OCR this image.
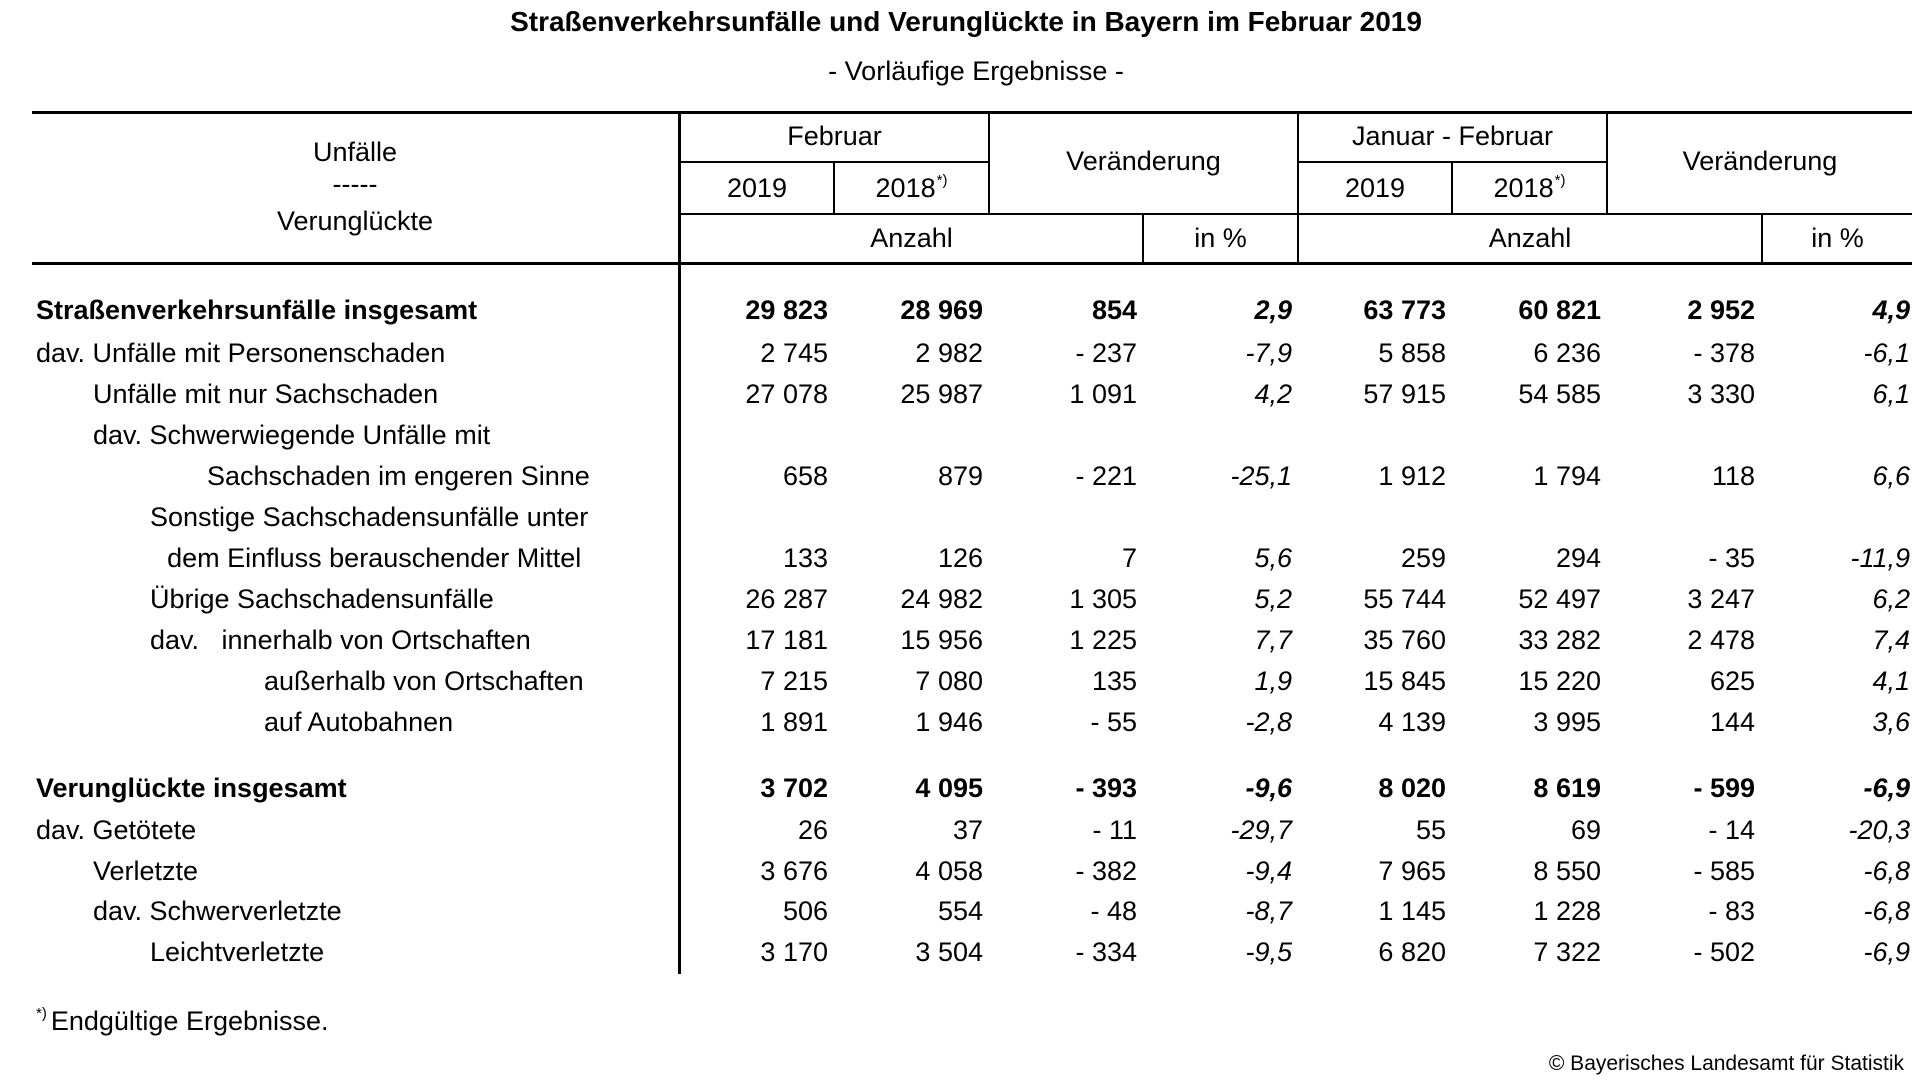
Straßenverkehrsunfälle und Verunglückte in Bayern im Februar 2019
- Vorläufige Ergebnisse -
Unfälle
-----
Verunglückte
Februar
Veränderung
2019	2018*)
Anzahl	in %
Januar - Februar
Veränderung
2019	2018*)
Anzahl	in %
Straßenverkehrsunfälle insgesamt	29 823	28 969	854	2,9	63 773	60 821	2 952	4,9
dav. Unfälle mit Personenschaden	2 745	2 982	- 237	-7,9	5 858	6 236	- 378	-6,1
Unfälle mit nur Sachschaden	27 078	25 987	1 091	4,2	57 915	54 585	3 330	6,1
dav. Schwerwiegende Unfälle mit
Sachschaden im engeren Sinne	658	879	- 221	-25,1	1 912	1 794	118	6,6
Sonstige Sachschadensunfälle unter
dem Einfluss berauschender Mittel	133	126	7	5,6	259	294	- 35	-11,9
Übrige Sachschadensunfälle	26 287	24 982	1 305	5,2	55 744	52 497	3 247	6,2
dav.   innerhalb von Ortschaften	17 181	15 956	1 225	7,7	35 760	33 282	2 478	7,4
außerhalb von Ortschaften	7 215	7 080	135	1,9	15 845	15 220	625	4,1
auf Autobahnen	1 891	1 946	- 55	-2,8	4 139	3 995	144	3,6
Verunglückte insgesamt	3 702	4 095	- 393	-9,6	8 020	8 619	- 599	-6,9
dav. Getötete	26	37	- 11	-29,7	55	69	- 14	-20,3
Verletzte	3 676	4 058	- 382	-9,4	7 965	8 550	- 585	-6,8
dav. Schwerverletzte	506	554	- 48	-8,7	1 145	1 228	- 83	-6,8
Leichtverletzte	3 170	3 504	- 334	-9,5	6 820	7 322	- 502	-6,9
*) Endgültige Ergebnisse.
© Bayerisches Landesamt für Statistik
